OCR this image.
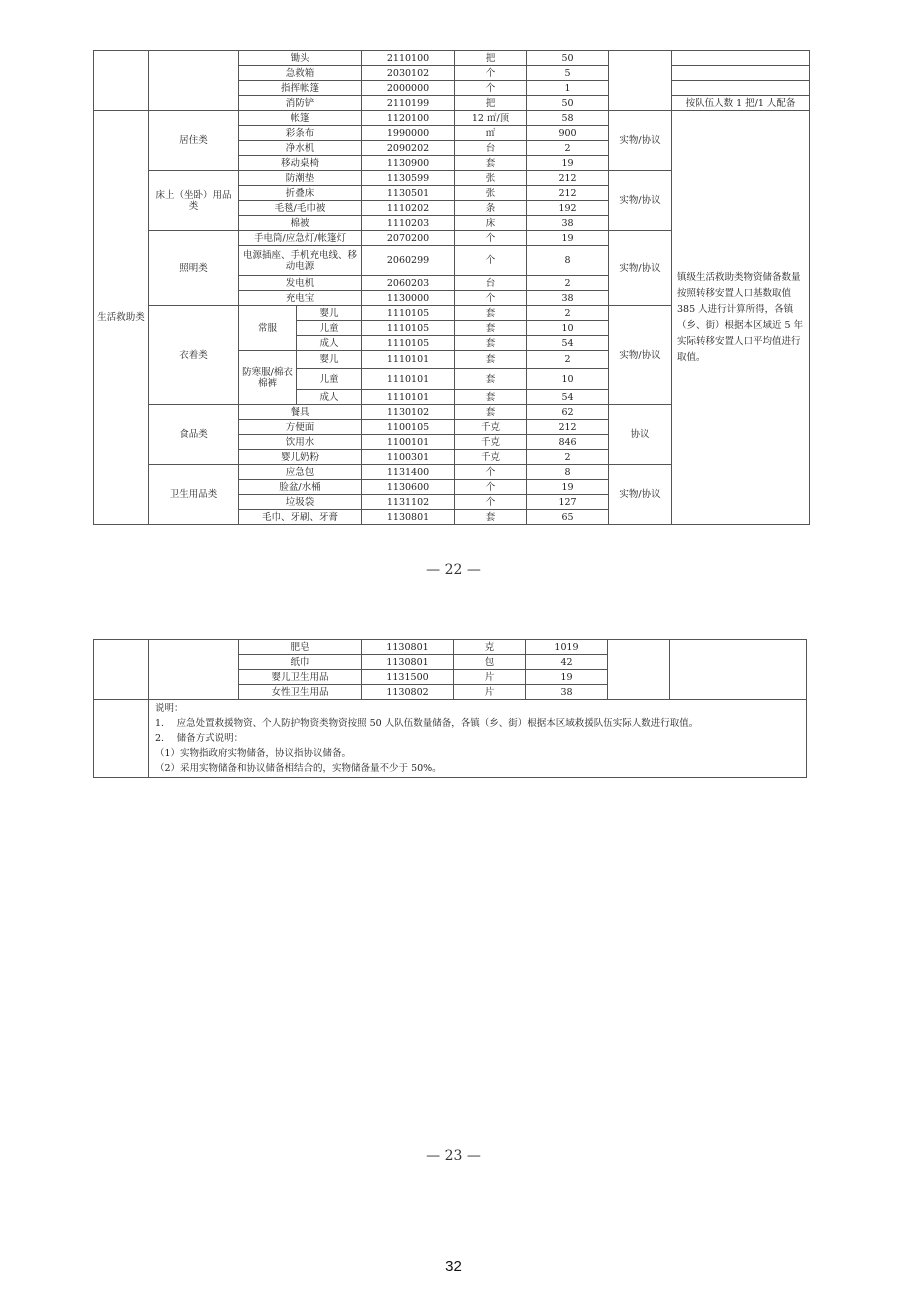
		锄头		2110100	把	50		
		急救箱		2030102	个	5		
		指挥帐篷		2000000	个	1		
		消防铲		2110199	把	50		按队伍人数 1 把/1 人配备
生活救助类	居住类	帐篷		1120100	12 ㎡/顶	58	实物/协议	镇级生活救助类物资储备数量按照转移安置人口基数取值 385 人进行计算所得，各镇（乡、街）根据本区域近 5 年实际转移安置人口平均值进行取值。
		彩条布		1990000	㎡	900		
		净水机		2090202	台	2		
		移动桌椅		1130900	套	19		
	床上（坐卧）用品类	防潮垫		1130599	张	212	实物/协议	
		折叠床		1130501	张	212		
		毛毯/毛巾被		1110202	条	192		
		棉被		1110203	床	38		
	照明类	手电筒/应急灯/帐篷灯		2070200	个	19	实物/协议	
		电源插座、手机充电线、移动电源		2060299	个	8		

		发电机		2060203	台	2		
		充电宝		1130000	个	38		
	衣着类	常服	婴儿	1110105	套	2	实物/协议	
			儿童	1110105	套	10		
			成人	1110105	套	54		
		防寒服/棉衣棉裤	婴儿	1110101	套	2		
			儿童	1110101	套	10		

			成人	1110101	套	54		
	食品类	餐具		1130102	套	62	协议	
		方便面		1100105	千克	212		
		饮用水		1100101	千克	846		
		婴儿奶粉		1100301	千克	2		
	卫生用品类	应急包		1131400	个	8	实物/协议	
		脸盆/水桶		1130600	个	19		
		垃圾袋		1131102	个	127		
		毛巾、牙刷、牙膏		1130801	套	65		
— 22 —
		肥皂	1130801	克	1019		
		纸巾	1130801	包	42		
		婴儿卫生用品	1131500	片	19		
		女性卫生用品	1130802	片	38		

	说明：
1.　 应急处置救援物资、个人防护物资类物资按照 50 人队伍数量储备，各镇（乡、街）根据本区域救援队伍实际人数进行取值。
2.　 储备方式说明：
（1）实物指政府实物储备，协议指协议储备。
（2）采用实物储备和协议储备相结合的，实物储备量不少于 50%。						
— 23 —
32
